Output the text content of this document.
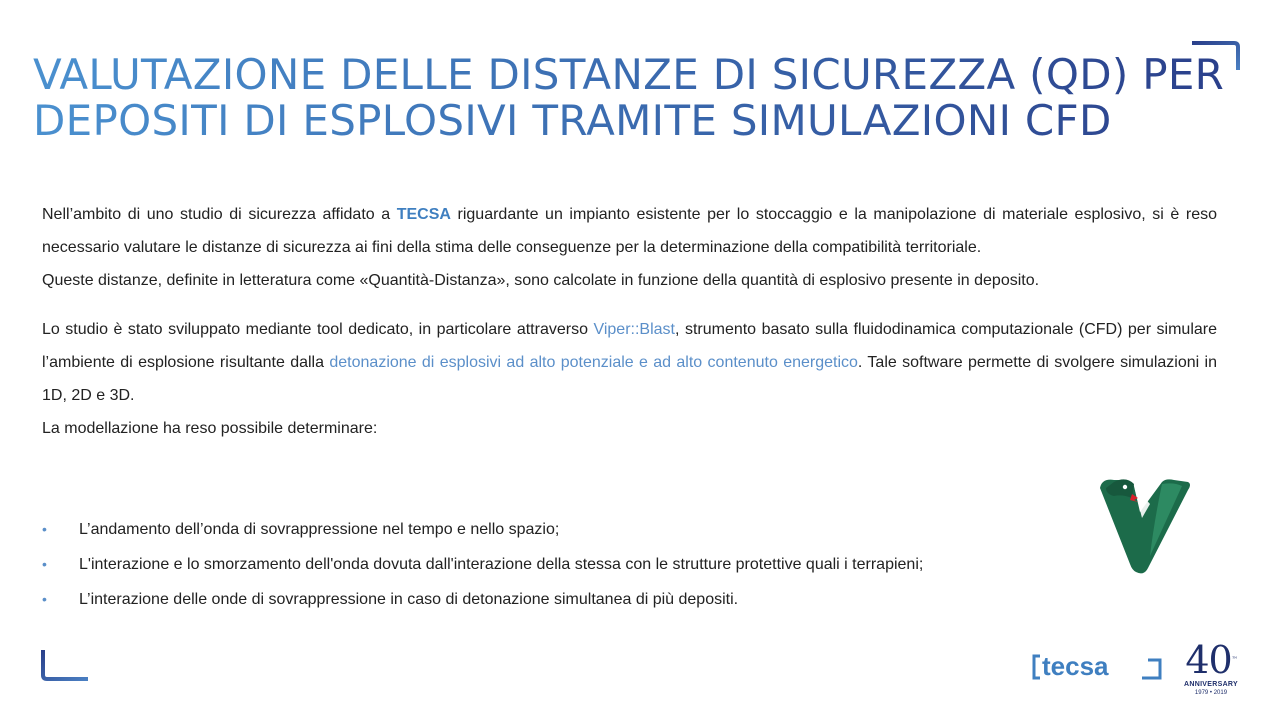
VALUTAZIONE DELLE DISTANZE DI SICUREZZA (QD) PER
DEPOSITI DI ESPLOSIVI TRAMITE SIMULAZIONI CFD

Nell’ambito di uno studio di sicurezza affidato a TECSA riguardante un impianto esistente per lo stoccaggio e la manipolazione di materiale esplosivo, si è reso necessario valutare le distanze di sicurezza ai fini della stima delle conseguenze per la determinazione della compatibilità territoriale.

Queste distanze, definite in letteratura come «Quantità-Distanza», sono calcolate in funzione della quantità di esplosivo presente in deposito.

Lo studio è stato sviluppato mediante tool dedicato, in particolare attraverso Viper::Blast, strumento basato sulla fluidodinamica computazionale (CFD) per simulare l’ambiente di esplosione risultante dalla detonazione di esplosivi ad alto potenziale e ad alto contenuto energetico. Tale software permette di svolgere simulazioni in 1D, 2D e 3D.

La modellazione ha reso possibile determinare:

• L’andamento dell’onda di sovrappressione nel tempo e nello spazio;
• L'interazione e lo smorzamento dell'onda dovuta dall'interazione della stessa con le strutture protettive quali i terrapieni;
• L’interazione delle onde di sovrappressione in caso di detonazione simultanea di più depositi.
tecsa 40™
ANNIVERSARY
1979 • 2019
